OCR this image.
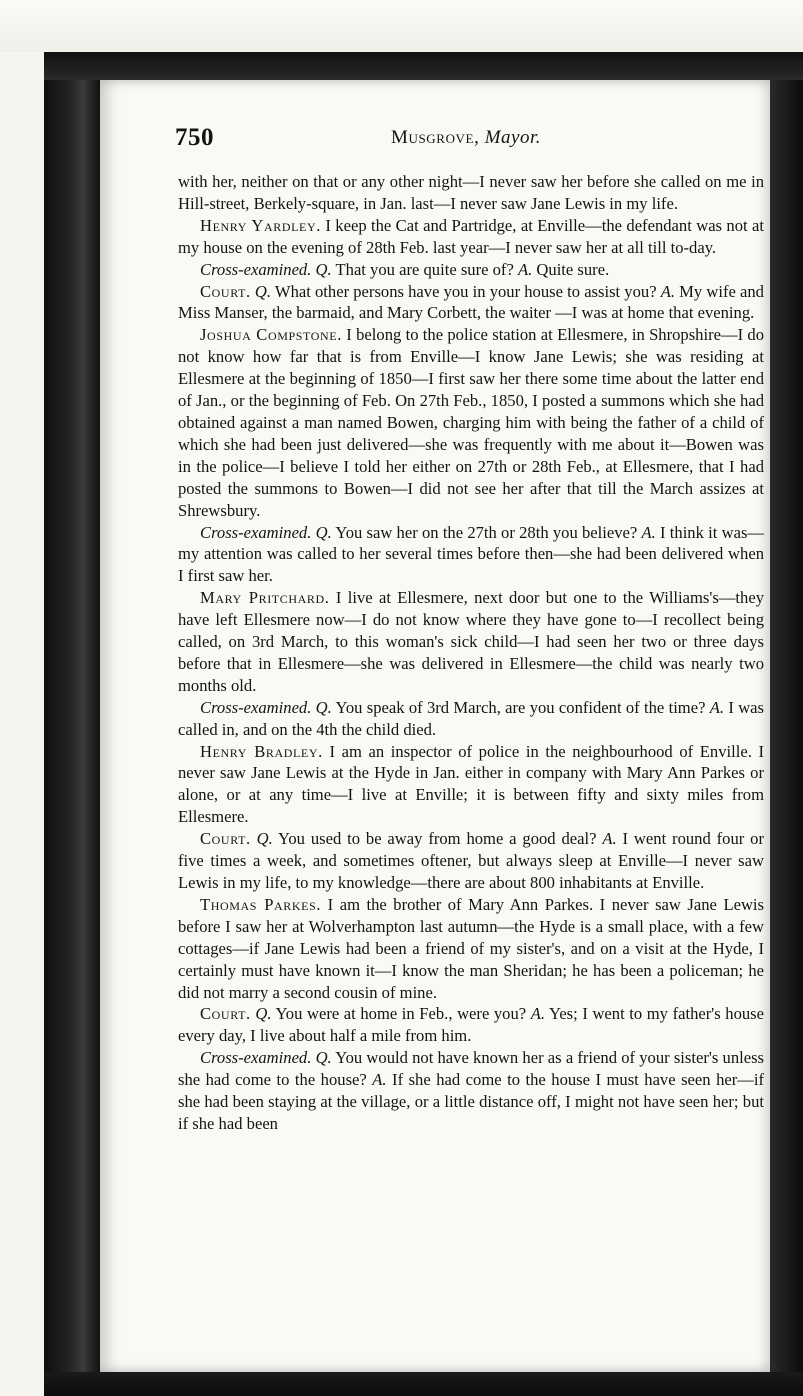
750	Musgrove, Mayor.

with her, neither on that or any other night—I never saw her before she called on me in Hill-street, Berkely-square, in Jan. last—I never saw Jane Lewis in my life.

Henry Yardley. I keep the Cat and Partridge, at Enville—the defendant was not at my house on the evening of 28th Feb. last year—I never saw her at all till to-day.

Cross-examined. Q. That you are quite sure of? A. Quite sure.

Court. Q. What other persons have you in your house to assist you? A. My wife and Miss Manser, the barmaid, and Mary Corbett, the waiter —I was at home that evening.

Joshua Compstone. I belong to the police station at Ellesmere, in Shropshire—I do not know how far that is from Enville—I know Jane Lewis; she was residing at Ellesmere at the beginning of 1850—I first saw her there some time about the latter end of Jan., or the beginning of Feb. On 27th Feb., 1850, I posted a summons which she had obtained against a man named Bowen, charging him with being the father of a child of which she had been just delivered—she was frequently with me about it—Bowen was in the police—I believe I told her either on 27th or 28th Feb., at Ellesmere, that I had posted the summons to Bowen—I did not see her after that till the March assizes at Shrewsbury.

Cross-examined. Q. You saw her on the 27th or 28th you believe? A. I think it was—my attention was called to her several times before then—she had been delivered when I first saw her.

Mary Pritchard. I live at Ellesmere, next door but one to the Williams's—they have left Ellesmere now—I do not know where they have gone to—I recollect being called, on 3rd March, to this woman's sick child—I had seen her two or three days before that in Ellesmere—she was delivered in Ellesmere—the child was nearly two months old.

Cross-examined. Q. You speak of 3rd March, are you confident of the time? A. I was called in, and on the 4th the child died.

Henry Bradley. I am an inspector of police in the neighbourhood of Enville. I never saw Jane Lewis at the Hyde in Jan. either in company with Mary Ann Parkes or alone, or at any time—I live at Enville; it is between fifty and sixty miles from Ellesmere.

Court. Q. You used to be away from home a good deal? A. I went round four or five times a week, and sometimes oftener, but always sleep at Enville—I never saw Lewis in my life, to my knowledge—there are about 800 inhabitants at Enville.

Thomas Parkes. I am the brother of Mary Ann Parkes. I never saw Jane Lewis before I saw her at Wolverhampton last autumn—the Hyde is a small place, with a few cottages—if Jane Lewis had been a friend of my sister's, and on a visit at the Hyde, I certainly must have known it—I know the man Sheridan; he has been a policeman; he did not marry a second cousin of mine.

Court. Q. You were at home in Feb., were you? A. Yes; I went to my father's house every day, I live about half a mile from him.

Cross-examined. Q. You would not have known her as a friend of your sister's unless she had come to the house? A. If she had come to the house I must have seen her—if she had been staying at the village, or a little distance off, I might not have seen her; but if she had been
